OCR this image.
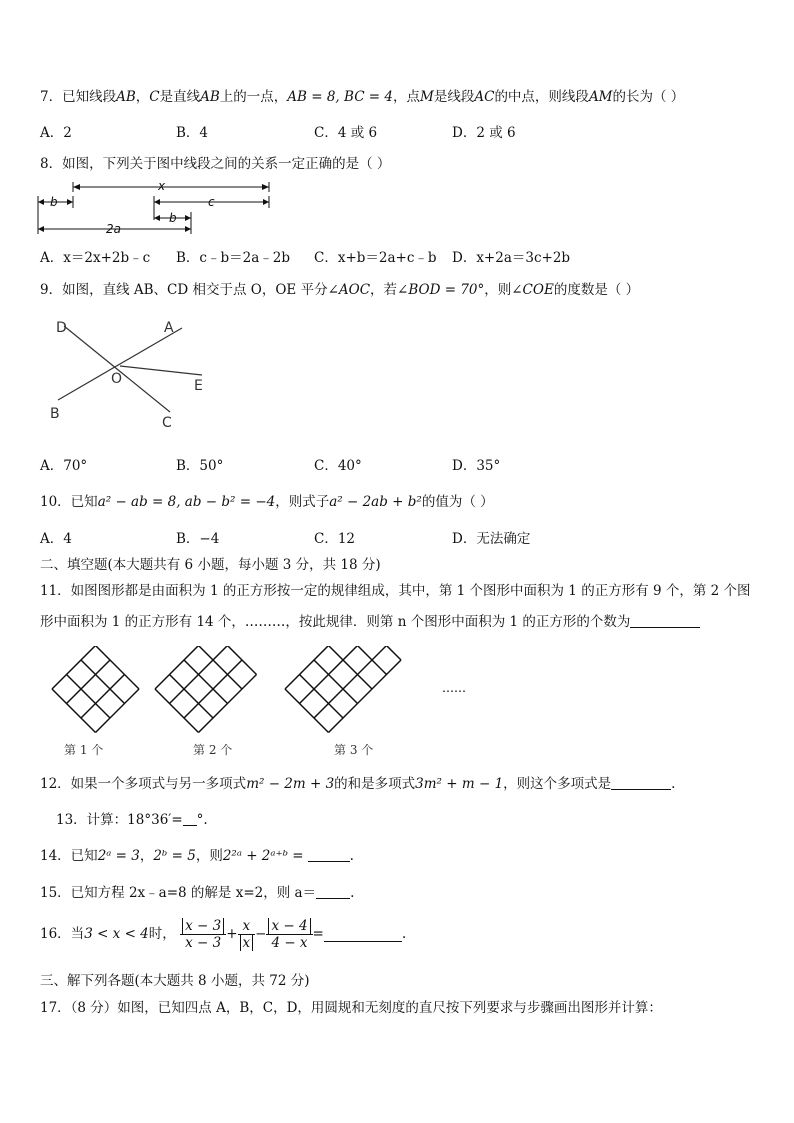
7．已知线段AB，C是直线AB上的一点，AB = 8, BC = 4，点M是线段AC的中点，则线段AM的长为（ ）
A．2	B．4	C．4 或 6	D．2 或 6
8．如图，下列关于图中线段之间的关系一定正确的是（ ）
x
b	c
b
2a
A．x＝2x+2b﹣c B．c﹣b＝2a﹣2b C．x+b＝2a+c﹣b D．x+2a＝3c+2b
9．如图，直线 AB、CD 相交于点 O，OE 平分∠AOC，若∠BOD = 70°，则∠COE的度数是（ ）
D	A
O	E
B
C
A．70°	B．50°	C．40°	D．35°
10．已知a² − ab = 8, ab − b² = −4，则式子a² − 2ab + b²的值为（ ）
A．4	B．−4	C．12	D．无法确定
二、填空题(本大题共有 6 小题，每小题 3 分，共 18 分)
11．如图图形都是由面积为 1 的正方形按一定的规律组成，其中，第 1 个图形中面积为 1 的正方形有 9 个，第 2 个图
形中面积为 1 的正方形有 14 个，………，按此规律．则第 n 个图形中面积为 1 的正方形的个数为
……
第 1 个	第 2 个	第 3 个
12．如果一个多项式与另一多项式m² − 2m + 3的和是多项式3m² + m − 1，则这个多项式是	.
13．计算：18°36′= °.
14．已知2ᵃ = 3，2ᵇ = 5，则2²ᵃ + 2ᵃ⁺ᵇ =	.
15．已知方程 2x﹣a=8 的解是 x=2，则 a＝	.
16．当3 < x < 4时， $\frac{x - 3}{x - 3} + \frac{x}{x} - \frac{x - 4}{4 - x}$ =	.
三、解下列各题(本大题共 8 小题，共 72 分)
17．（8 分）如图，已知四点 A，B，C，D，用圆规和无刻度的直尺按下列要求与步骤画出图形并计算：
